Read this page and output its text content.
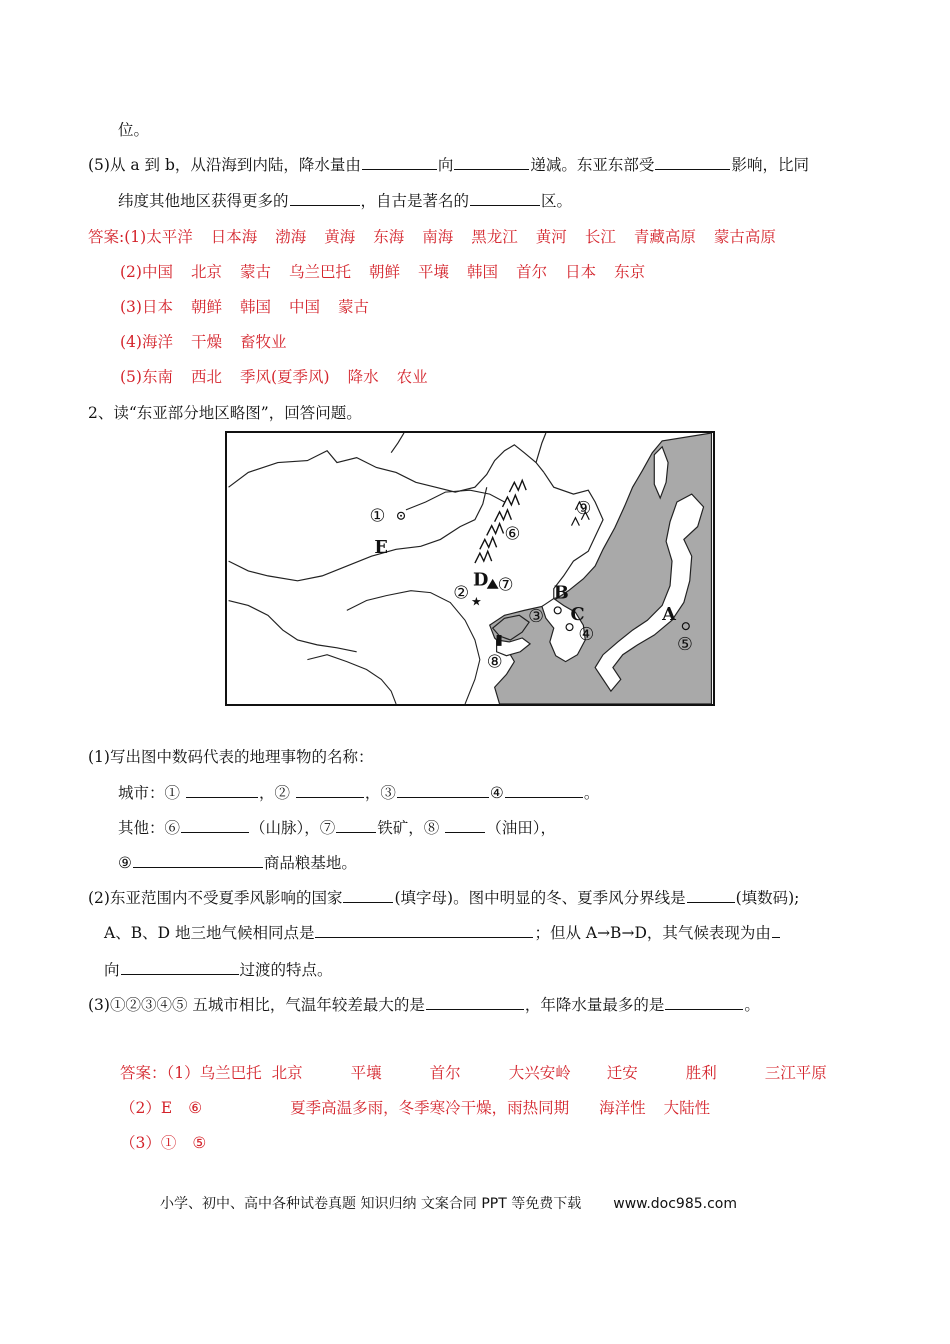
位。
(5)从 a 到 b，从沿海到内陆，降水量由	向	递减。东亚东部受	影响，比同
纬度其他地区获得更多的	，自古是著名的	区。
答案:(1)太平洋 日本海 渤海 黄海 东海 南海 黑龙江 黄河 长江 青藏高原 蒙古高原
(2)中国 北京 蒙古 乌兰巴托 朝鲜 平壤 韩国 首尔 日本 东京
(3)日本 朝鲜 韩国 中国 蒙古
(4)海洋 干燥 畜牧业
(5)东南 西北 季风(夏季风) 降水 农业
2、读“东亚部分地区略图”，回答问题。
★
①
E
⑥
②
D ⑦ B
③ C
④
A
⑤
⑧
⑨
(1)写出图中数码代表的地理事物的名称：
城市：①	，②	，③	④	。
其他：⑥	（山脉），⑦	铁矿，⑧	（油田），
⑨	商品粮基地。
(2)东亚范围内不受夏季风影响的国家	(填字母)。图中明显的冬、夏季风分界线是	(填数码);
A、B、D 地三地气候相同点是	；但从 A→B→D，其气候表现为由
向	过渡的特点。
(3)①②③④⑤ 五城市相比，气温年较差最大的是	，年降水量最多的是	。
答案：（1）乌兰巴托 北京	平壤	首尔	大兴安岭 迁安	胜利	三江平原
（2）E ⑥	夏季高温多雨，冬季寒冷干燥，雨热同期 海洋性 大陆性
（3）① ⑤
小学、初中、高中各种试卷真题 知识归纳 文案合同 PPT 等免费下载 www.doc985.com
